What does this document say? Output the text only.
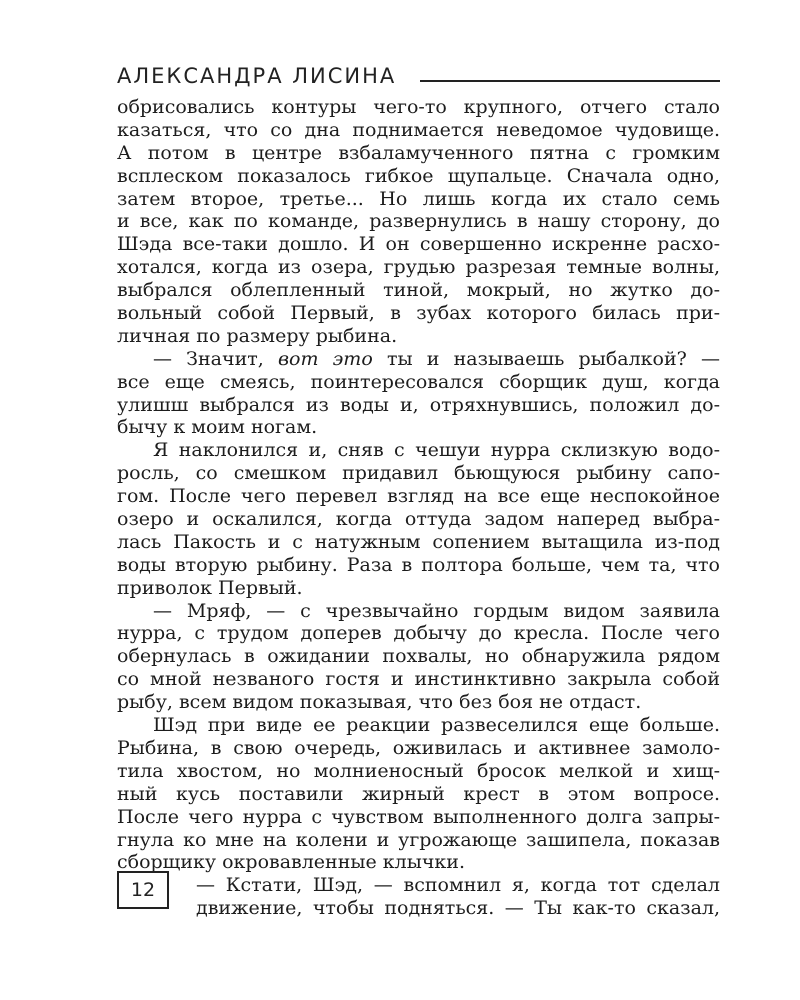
АЛЕКСАНДРА ЛИСИНА
обрисовались контуры чего-то крупного, отчего стало
казаться, что со дна поднимается неведомое чудовище.
А потом в центре взбаламученного пятна с громким
всплеском показалось гибкое щупальце. Сначала одно,
затем второе, третье... Но лишь когда их стало семь
и все, как по команде, развернулись в нашу сторону, до
Шэда все-таки дошло. И он совершенно искренне расхо-
хотался, когда из озера, грудью разрезая темные волны,
выбрался облепленный тиной, мокрый, но жутко до-
вольный собой Первый, в зубах которого билась при-
личная по размеру рыбина.
— Значит, вот это ты и называешь рыбалкой? —
все еще смеясь, поинтересовался сборщик душ, когда
улишш выбрался из воды и, отряхнувшись, положил до-
бычу к моим ногам.
Я наклонился и, сняв с чешуи нурра склизкую водо-
росль, со смешком придавил бьющуюся рыбину сапо-
гом. После чего перевел взгляд на все еще неспокойное
озеро и оскалился, когда оттуда задом наперед выбра-
лась Пакость и с натужным сопением вытащила из-под
воды вторую рыбину. Раза в полтора больше, чем та, что
приволок Первый.
— Мряф, — с чрезвычайно гордым видом заявила
нурра, с трудом доперев добычу до кресла. После чего
обернулась в ожидании похвалы, но обнаружила рядом
со мной незваного гостя и инстинктивно закрыла собой
рыбу, всем видом показывая, что без боя не отдаст.
Шэд при виде ее реакции развеселился еще больше.
Рыбина, в свою очередь, оживилась и активнее замоло-
тила хвостом, но молниеносный бросок мелкой и хищ-
ный кусь поставили жирный крест в этом вопросе.
После чего нурра с чувством выполненного долга запры-
гнула ко мне на колени и угрожающе зашипела, показав
сборщику окровавленные клычки.
— Кстати, Шэд, — вспомнил я, когда тот сделал
движение, чтобы подняться. — Ты как-то сказал,
12
